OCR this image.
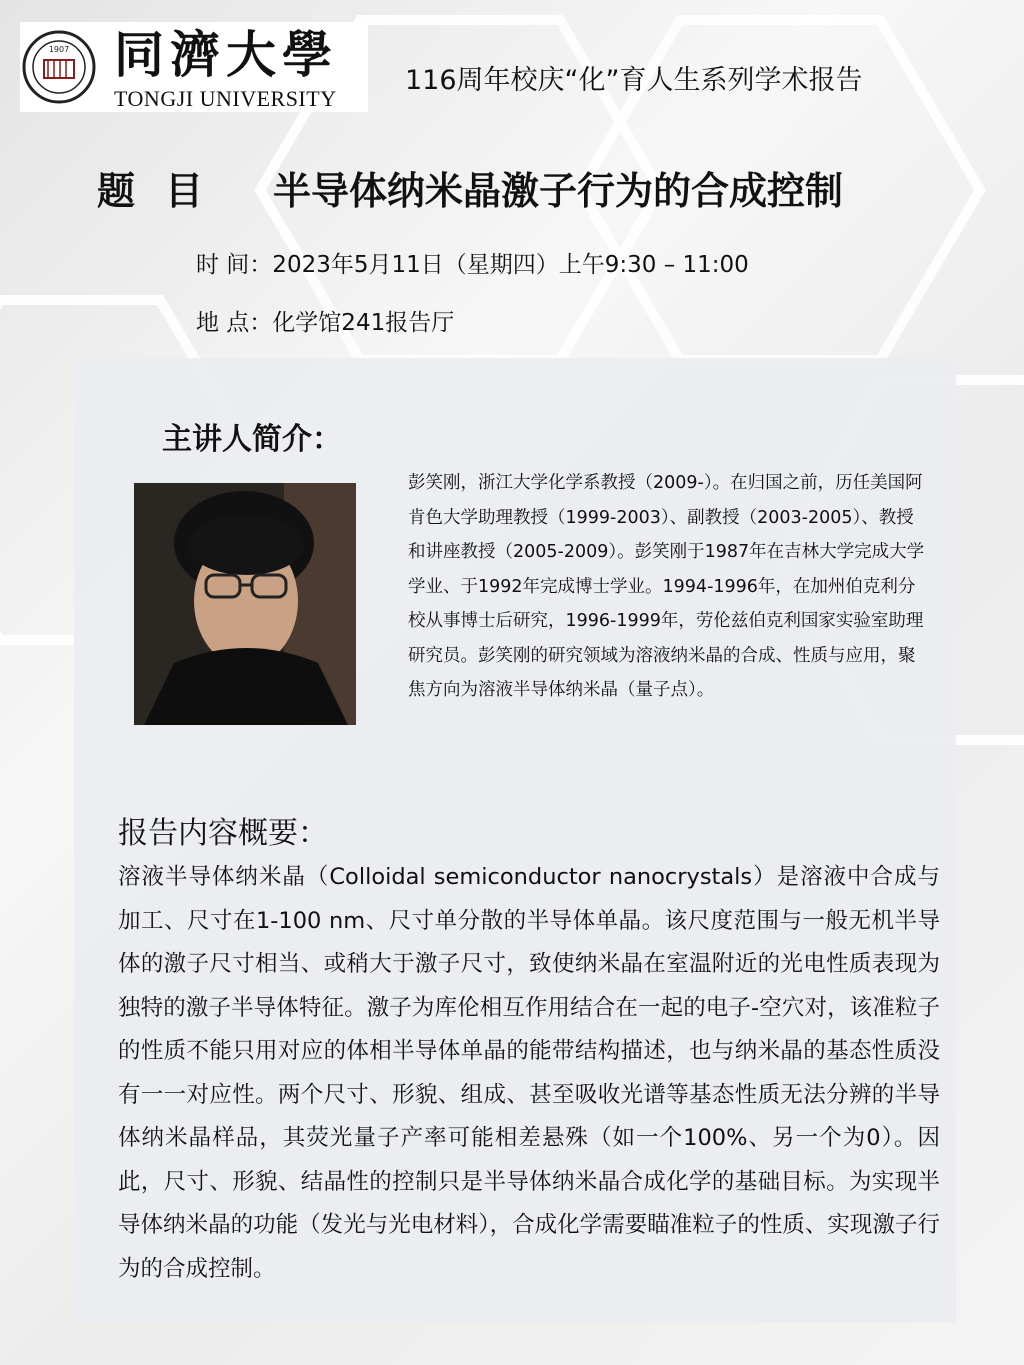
1907 同濟大學
TONGJI UNIVERSITY
116周年校庆“化”育人生系列学术报告
题目 半导体纳米晶激子行为的合成控制
时 间：2023年5月11日（星期四）上午9:30 – 11:00
地 点：化学馆241报告厅
主讲人简介：
彭笑刚，浙江大学化学系教授（2009-）。在归国之前，历任美国阿肯色大学助理教授（1999-2003）、副教授（2003-2005）、教授和讲座教授（2005-2009）。彭笑刚于1987年在吉林大学完成大学学业、于1992年完成博士学业。1994-1996年，在加州伯克利分校从事博士后研究，1996-1999年，劳伦兹伯克利国家实验室助理研究员。彭笑刚的研究领域为溶液纳米晶的合成、性质与应用，聚焦方向为溶液半导体纳米晶（量子点）。
报告内容概要：
溶液半导体纳米晶（Colloidal semiconductor nanocrystals）是溶液中合成与加工、尺寸在1-100 nm、尺寸单分散的半导体单晶。该尺度范围与一般无机半导体的激子尺寸相当、或稍大于激子尺寸，致使纳米晶在室温附近的光电性质表现为独特的激子半导体特征。激子为库伦相互作用结合在一起的电子-空穴对，该准粒子的性质不能只用对应的体相半导体单晶的能带结构描述，也与纳米晶的基态性质没有一一对应性。两个尺寸、形貌、组成、甚至吸收光谱等基态性质无法分辨的半导体纳米晶样品，其荧光量子产率可能相差悬殊（如一个100%、另一个为0）。因此，尺寸、形貌、结晶性的控制只是半导体纳米晶合成化学的基础目标。为实现半导体纳米晶的功能（发光与光电材料），合成化学需要瞄准粒子的性质、实现激子行为的合成控制。
